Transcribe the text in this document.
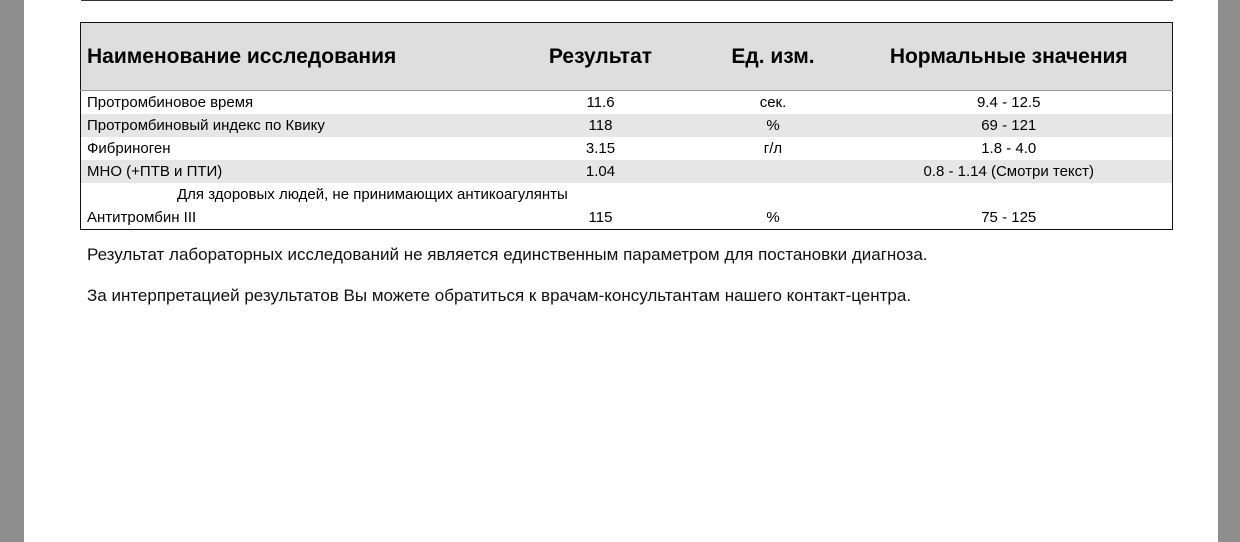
Наименование исследования	Результат	Ед. изм.	Нормальные значения
Протромбиновое время	11.6	сек.	9.4 - 12.5
Протромбиновый индекс по Квику	118	%	69 - 121
Фибриноген	3.15	г/л	1.8 - 4.0
МНО (+ПТВ и ПТИ)	1.04		0.8 - 1.14 (Смотри текст)
Для здоровых людей, не принимающих антикоагулянты			
Антитромбин III	115	%	75 - 125
Результат лабораторных исследований не является единственным параметром для постановки диагноза.
За интерпретацией результатов Вы можете обратиться к врачам-консультантам нашего контакт-центра.
